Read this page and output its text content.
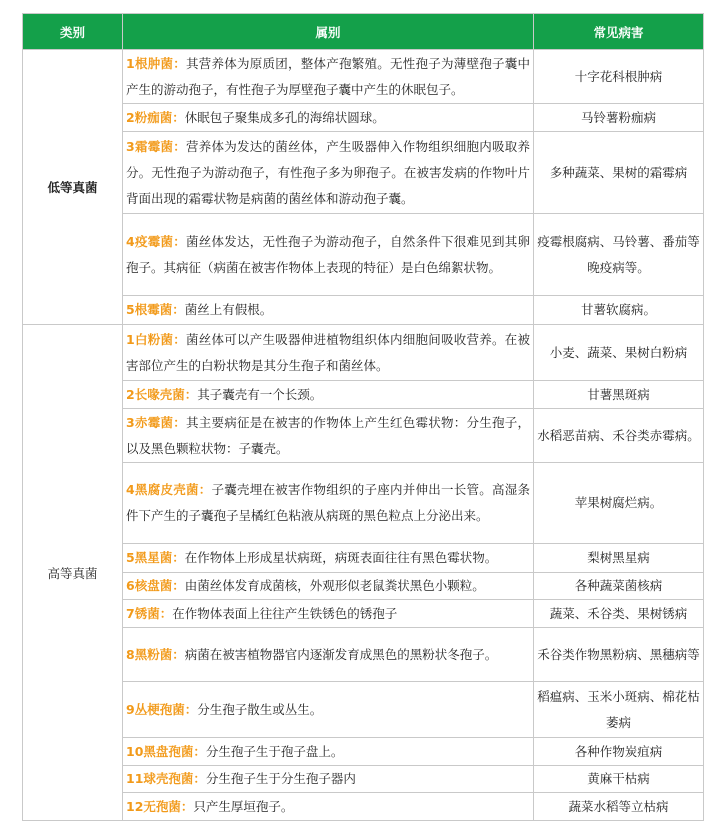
类别	属别	常见病害
低等真菌	1根肿菌：其营养体为原质团，整体产孢繁殖。无性孢子为薄壁孢子囊中产生的游动孢子，有性孢子为厚壁孢子囊中产生的休眠包子。	十字花科根肿病
	2粉痂菌：休眠包子聚集成多孔的海绵状圆球。	马铃薯粉痂病
	3霜霉菌：营养体为发达的菌丝体，产生吸器伸入作物组织细胞内吸取养分。无性孢子为游动孢子，有性孢子多为卵孢子。在被害发病的作物叶片背面出现的霜霉状物是病菌的菌丝体和游动孢子囊。	多种蔬菜、果树的霜霉病
	4疫霉菌：菌丝体发达，无性孢子为游动孢子，自然条件下很难见到其卵孢子。其病征（病菌在被害作物体上表现的特征）是白色绵絮状物。	疫霉根腐病、马铃薯、番茄等晚疫病等。
	5根霉菌：菌丝上有假根。	甘薯软腐病。
高等真菌	1白粉菌：菌丝体可以产生吸器伸进植物组织体内细胞间吸收营养。在被害部位产生的白粉状物是其分生孢子和菌丝体。	小麦、蔬菜、果树白粉病
	2长喙壳菌：其子囊壳有一个长颈。	甘薯黑斑病
	3赤霉菌：其主要病征是在被害的作物体上产生红色霉状物：分生孢子，以及黑色颗粒状物：子囊壳。	水稻恶苗病、禾谷类赤霉病。
	4黑腐皮壳菌：子囊壳埋在被害作物组织的子座内并伸出一长管。高湿条件下产生的子囊孢子呈橘红色粘液从病斑的黑色粒点上分泌出来。	苹果树腐烂病。
	5黑星菌：在作物体上形成星状病斑，病斑表面往往有黑色霉状物。	梨树黑星病
	6核盘菌：由菌丝体发育成菌核，外观形似老鼠粪状黑色小颗粒。	各种蔬菜菌核病
	7锈菌：在作物体表面上往往产生铁锈色的锈孢子	蔬菜、禾谷类、果树锈病
	8黑粉菌：病菌在被害植物器官内逐渐发育成黑色的黑粉状冬孢子。	禾谷类作物黑粉病、黑穗病等
	9丛梗孢菌：分生孢子散生或丛生。	稻瘟病、玉米小斑病、棉花枯萎病
	10黑盘孢菌：分生孢子生于孢子盘上。	各种作物炭疽病
	11球壳孢菌：分生孢子生于分生孢子器内	黄麻干枯病
	12无孢菌：只产生厚垣孢子。	蔬菜水稻等立枯病
